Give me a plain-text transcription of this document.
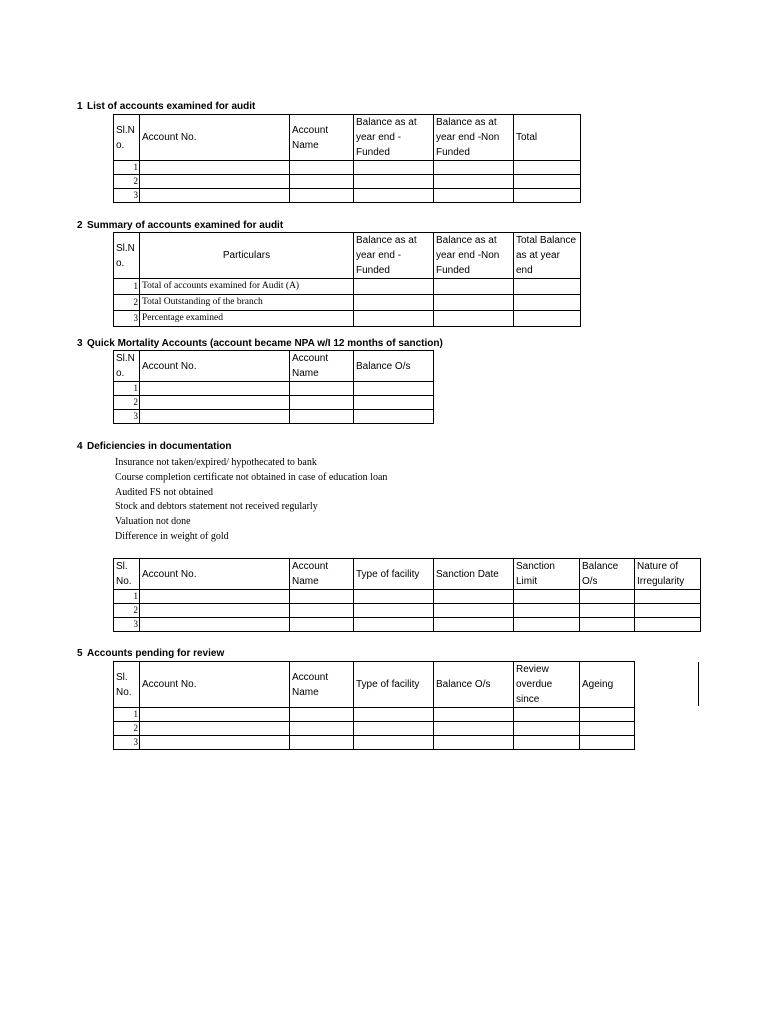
1 List of accounts examined for audit
Sl.N o.	Account No.	Account Name	Balance as at year end - Funded	Balance as at year end -Non Funded	Total
1					
2					
3					
2 Summary of accounts examined for audit
Sl.N o.	Particulars	Balance as at year end - Funded	Balance as at year end -Non Funded	Total Balance as at year end
1	Total of accounts examined for Audit (A)			
2	Total Outstanding of the branch			
3	Percentage examined			
3 Quick Mortality Accounts (account became NPA w/I 12 months of sanction)
Sl.N o.	Account No.	Account Name	Balance O/s
1			
2			
3			
4 Deficiencies in documentation
Insurance not taken/expired/ hypothecated to bank
Course completion certificate not obtained in case of education loan
Audited FS not obtained
Stock and debtors statement not received regularly
Valuation not done
Difference in weight of gold
Sl. No.	Account No.	Account Name	Type of facility	Sanction Date	Sanction Limit	Balance O/s	Nature of Irregularity
1							
2							
3							
5 Accounts pending for review
Sl. No.	Account No.	Account Name	Type of facility	Balance O/s	Review overdue since	Ageing
1						
2						
3						
